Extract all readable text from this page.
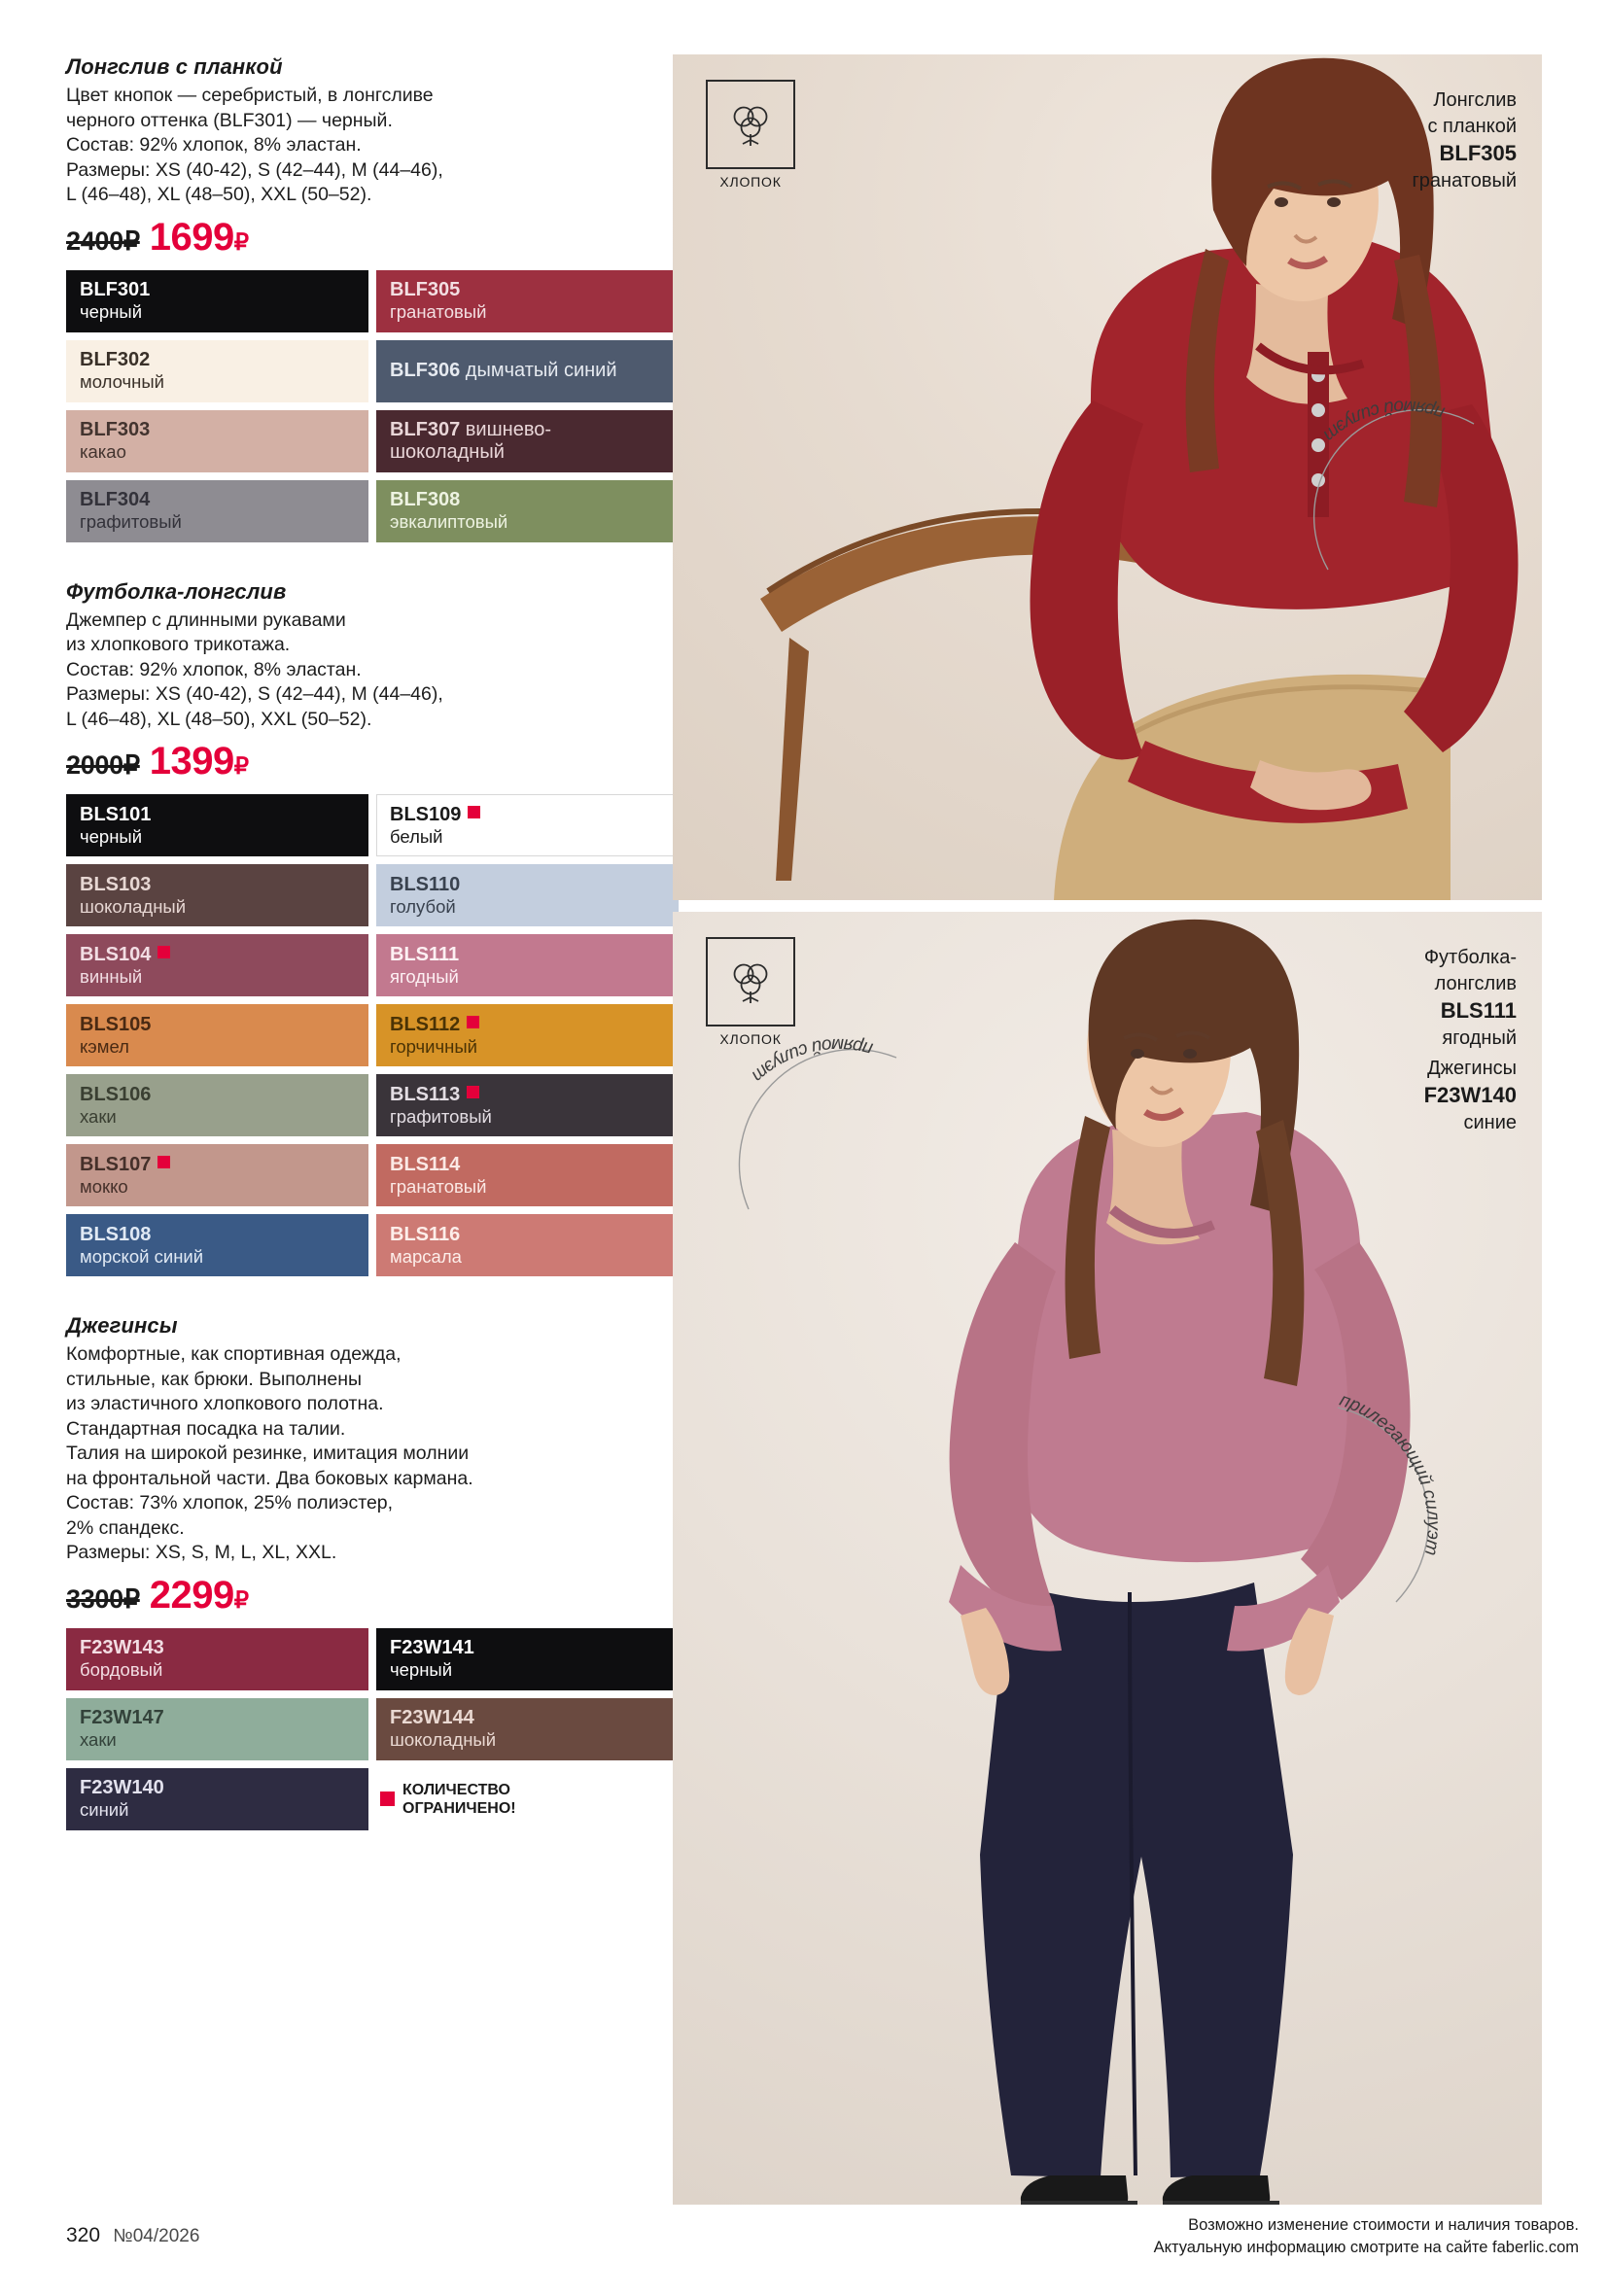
Лонгслив с планкой
Цвет кнопок — серебристый, в лонгсливе
черного оттенка (BLF301) — черный.
Состав: 92% хлопок, 8% эластан.
Размеры: XS (40-42), S (42–44), M (44–46),
L (46–48), XL (48–50), XXL (50–52).
2400₽ 1699₽
BLF301
черный
BLF305
гранатовый
BLF302
молочный
BLF306 дымчатый синий
BLF303
какао
BLF307 вишнево-шоколадный
BLF304
графитовый
BLF308
эвкалиптовый
Футболка-лонгслив
Джемпер с длинными рукавами
из хлопкового трикотажа.
Состав: 92% хлопок, 8% эластан.
Размеры: XS (40-42), S (42–44), M (44–46),
L (46–48), XL (48–50), XXL (50–52).
2000₽ 1399₽
BLS101
черный
BLS109
белый
BLS103
шоколадный
BLS110
голубой
BLS104
винный
BLS111
ягодный
BLS105
кэмел
BLS112
горчичный
BLS106
хаки
BLS113
графитовый
BLS107
мокко
BLS114
гранатовый
BLS108
морской синий
BLS116
марсала
Джегинсы
Комфортные, как спортивная одежда,
стильные, как брюки. Выполнены
из эластичного хлопкового полотна.
Стандартная посадка на талии.
Талия на широкой резинке, имитация молнии
на фронтальной части. Два боковых кармана.
Состав: 73% хлопок, 25% полиэстер,
2% спандекс.
Размеры: XS, S, M, L, XL, XXL.
3300₽ 2299₽
F23W143
бордовый
F23W141
черный
F23W147
хаки
F23W144
шоколадный
F23W140
синий
КОЛИЧЕСТВО
ОГРАНИЧЕНО!
ХЛОПОК
Лонгслив
с планкой
BLF305
гранатовый
прямой силуэт
ХЛОПОК
Футболка-
лонгслив
BLS111
ягодный
Джегинсы
F23W140
синие
прямой силуэт
прилегающий силуэт
320 №04/2026
Возможно изменение стоимости и наличия товаров.
Актуальную информацию смотрите на сайте faberlic.com
